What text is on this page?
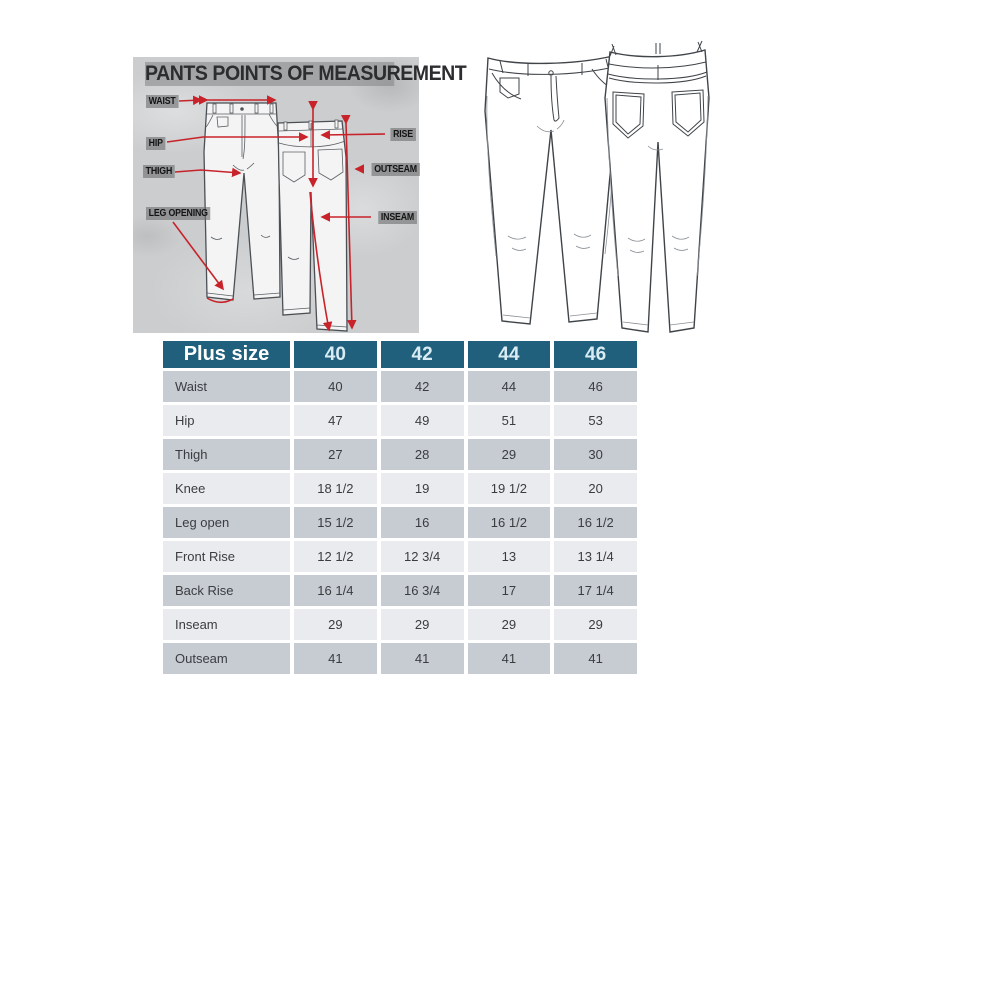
PANTS POINTS OF MEASUREMENT
WAIST
HIP
THIGH
LEG OPENING
RISE
OUTSEAM
INSEAM
Plus size	40	42	44	46
Waist	40	42	44	46
Hip	47	49	51	53
Thigh	27	28	29	30
Knee	18 1/2	19	19 1/2	20
Leg open	15 1/2	16	16 1/2	16 1/2
Front Rise	12 1/2	12 3/4	13	13 1/4
Back Rise	16 1/4	16 3/4	17	17 1/4
Inseam	29	29	29	29
Outseam	41	41	41	41
